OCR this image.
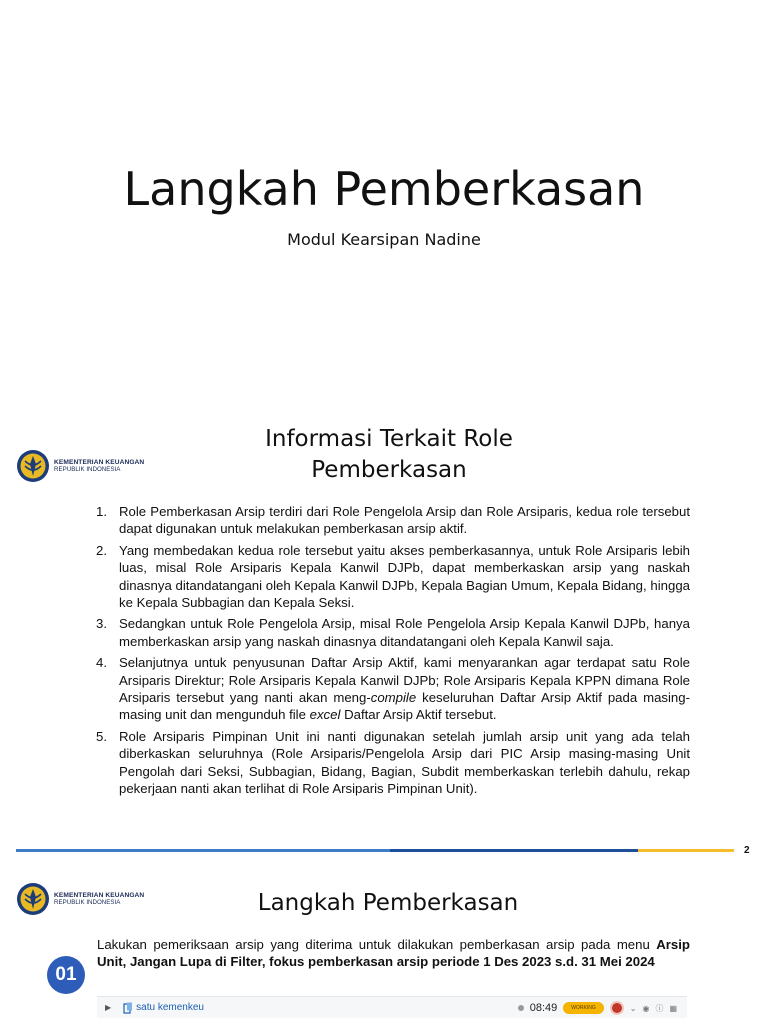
Langkah Pemberkasan
Modul Kearsipan Nadine
KEMENTERIAN KEUANGAN
REPUBLIK INDONESIA
Informasi Terkait Role
Pemberkasan
1. Role Pemberkasan Arsip terdiri dari Role Pengelola Arsip dan Role Arsiparis, kedua role tersebut dapat digunakan untuk melakukan pemberkasan arsip aktif.
2. Yang membedakan kedua role tersebut yaitu akses pemberkasannya, untuk Role Arsiparis lebih luas, misal Role Arsiparis Kepala Kanwil DJPb, dapat memberkaskan arsip yang naskah dinasnya ditandatangani oleh Kepala Kanwil DJPb, Kepala Bagian Umum, Kepala Bidang, hingga ke Kepala Subbagian dan Kepala Seksi.
3. Sedangkan untuk Role Pengelola Arsip, misal Role Pengelola Arsip Kepala Kanwil DJPb, hanya memberkaskan arsip yang naskah dinasnya ditandatangani oleh Kepala Kanwil saja.
4. Selanjutnya untuk penyusunan Daftar Arsip Aktif, kami menyarankan agar terdapat satu Role Arsiparis Direktur; Role Arsiparis Kepala Kanwil DJPb; Role Arsiparis Kepala KPPN dimana Role Arsiparis tersebut yang nanti akan meng-compile keseluruhan Daftar Arsip Aktif pada masing-masing unit dan mengunduh file excel Daftar Arsip Aktif tersebut.
5. Role Arsiparis Pimpinan Unit ini nanti digunakan setelah jumlah arsip unit yang ada telah diberkaskan seluruhnya (Role Arsiparis/Pengelola Arsip dari PIC Arsip masing-masing Unit Pengolah dari Seksi, Subbagian, Bidang, Bagian, Subdit memberkaskan terlebih dahulu, rekap pekerjaan nanti akan terlihat di Role Arsiparis Pimpinan Unit).
2
KEMENTERIAN KEUANGAN
REPUBLIK INDONESIA	Langkah Pemberkasan
01
Lakukan pemeriksaan arsip yang diterima untuk dilakukan pemberkasan arsip pada menu Arsip Unit, Jangan Lupa di Filter, fokus pemberkasan arsip periode 1 Des 2023 s.d. 31 Mei 2024
▶	satu kemenkeu	08:49	WORKING	⌄ ◉ ⓘ ▦
